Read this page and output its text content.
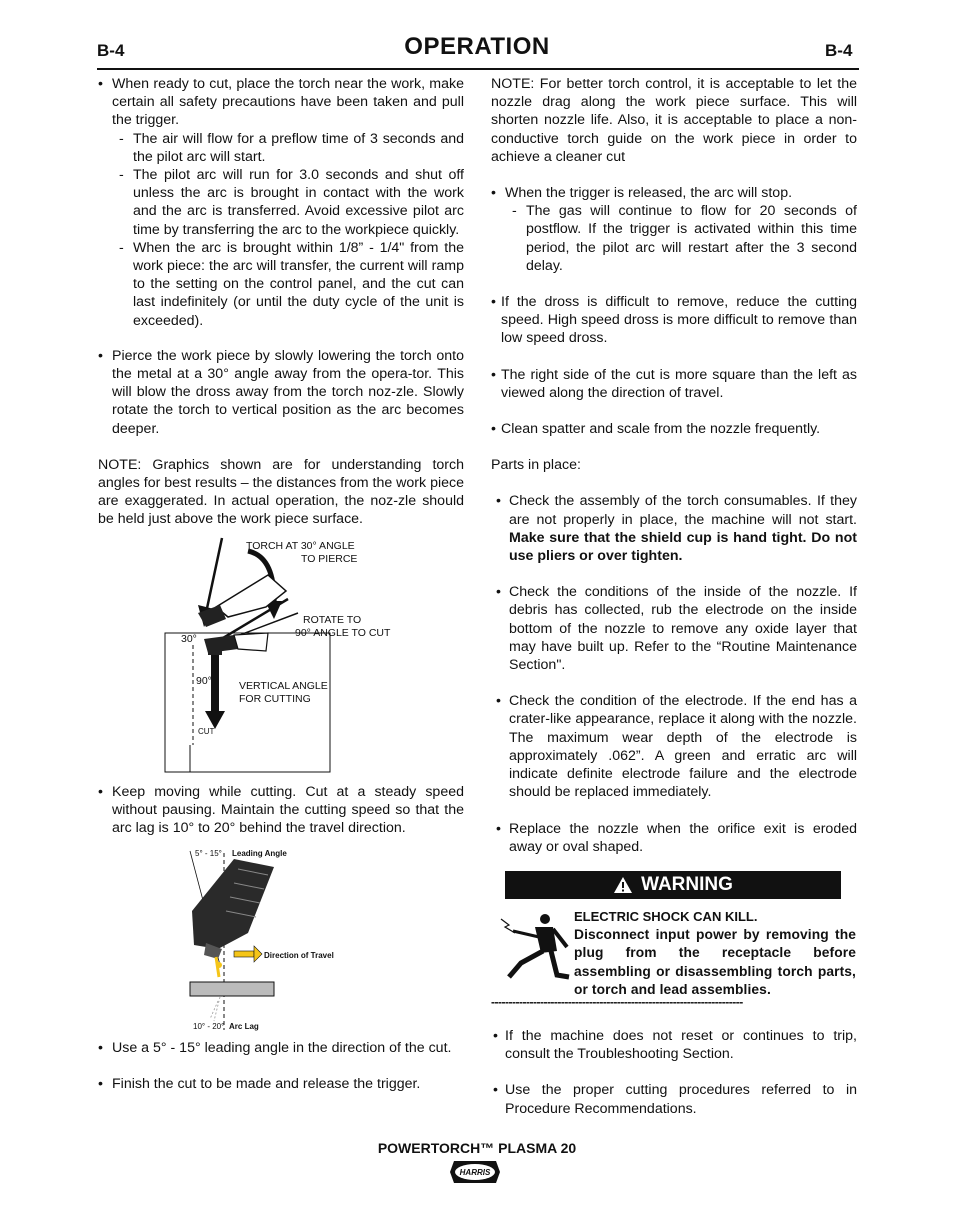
B-4	OPERATION	B-4
• When ready to cut, place the torch near the work, make certain all safety precautions have been taken and pull the trigger.
- The air will flow for a preflow time of 3 seconds and the pilot arc will start.
- The pilot arc will run for 3.0 seconds and shut off unless the arc is brought in contact with the work and the arc is transferred. Avoid excessive pilot arc time by transferring the arc to the workpiece quickly.
- When the arc is brought within 1/8” - 1/4" from the work piece: the arc will transfer, the current will ramp to the setting on the control panel, and the cut can last indefinitely (or until the duty cycle of the unit is exceeded).
• Pierce the work piece by slowly lowering the torch onto the metal at a 30° angle away from the opera-tor. This will blow the dross away from the torch noz-zle. Slowly rotate the torch to vertical position as the arc becomes deeper.

NOTE: Graphics shown are for understanding torch angles for best results – the distances from the work piece are exaggerated. In actual operation, the noz-zle should be held just above the work piece surface.

TORCH AT 30° ANGLE
TO PIERCE
ROTATE TO
90° ANGLE TO CUT
30°
90°	VERTICAL ANGLE
FOR CUTTING
CUT
• Keep moving while cutting. Cut at a steady speed without pausing. Maintain the cutting speed so that the arc lag is 10° to 20° behind the travel direction.
5° - 15° Leading Angle
Direction of Travel
10° - 20° Arc Lag
• Use a 5° - 15° leading angle in the direction of the cut.
• Finish the cut to be made and release the trigger.

NOTE: For better torch control, it is acceptable to let the nozzle drag along the work piece surface. This will shorten nozzle life. Also, it is acceptable to place a non-conductive torch guide on the work piece in order to achieve a cleaner cut

• When the trigger is released, the arc will stop.
- The gas will continue to flow for 20 seconds of postflow. If the trigger is activated within this time period, the pilot arc will restart after the 3 second delay.
• If the dross is difficult to remove, reduce the cutting speed. High speed dross is more difficult to remove than low speed dross.
• The right side of the cut is more square than the left as viewed along the direction of travel.
• Clean spatter and scale from the nozzle frequently.

Parts in place:

• Check the assembly of the torch consumables. If they are not properly in place, the machine will not start. Make sure that the shield cup is hand tight. Do not use pliers or over tighten.
• Check the conditions of the inside of the nozzle. If debris has collected, rub the electrode on the inside bottom of the nozzle to remove any oxide layer that may have built up. Refer to the “Routine Maintenance Section".
• Check the condition of the electrode. If the end has a crater-like appearance, replace it along with the nozzle. The maximum wear depth of the electrode is approximately .062”. A green and erratic arc will indicate definite electrode failure and the electrode should be replaced immediately.
• Replace the nozzle when the orifice exit is eroded away or oval shaped.
WARNING
ELECTRIC SHOCK CAN KILL.
Disconnect input power by removing the plug from the receptacle before assembling or disassembling torch parts, or torch and lead assemblies.
------------------------------------------------------------------------
• If the machine does not reset or continues to trip, consult the Troubleshooting Section.
• Use the proper cutting procedures referred to in Procedure Recommendations.
POWERTORCH™ PLASMA 20
HARRIS
